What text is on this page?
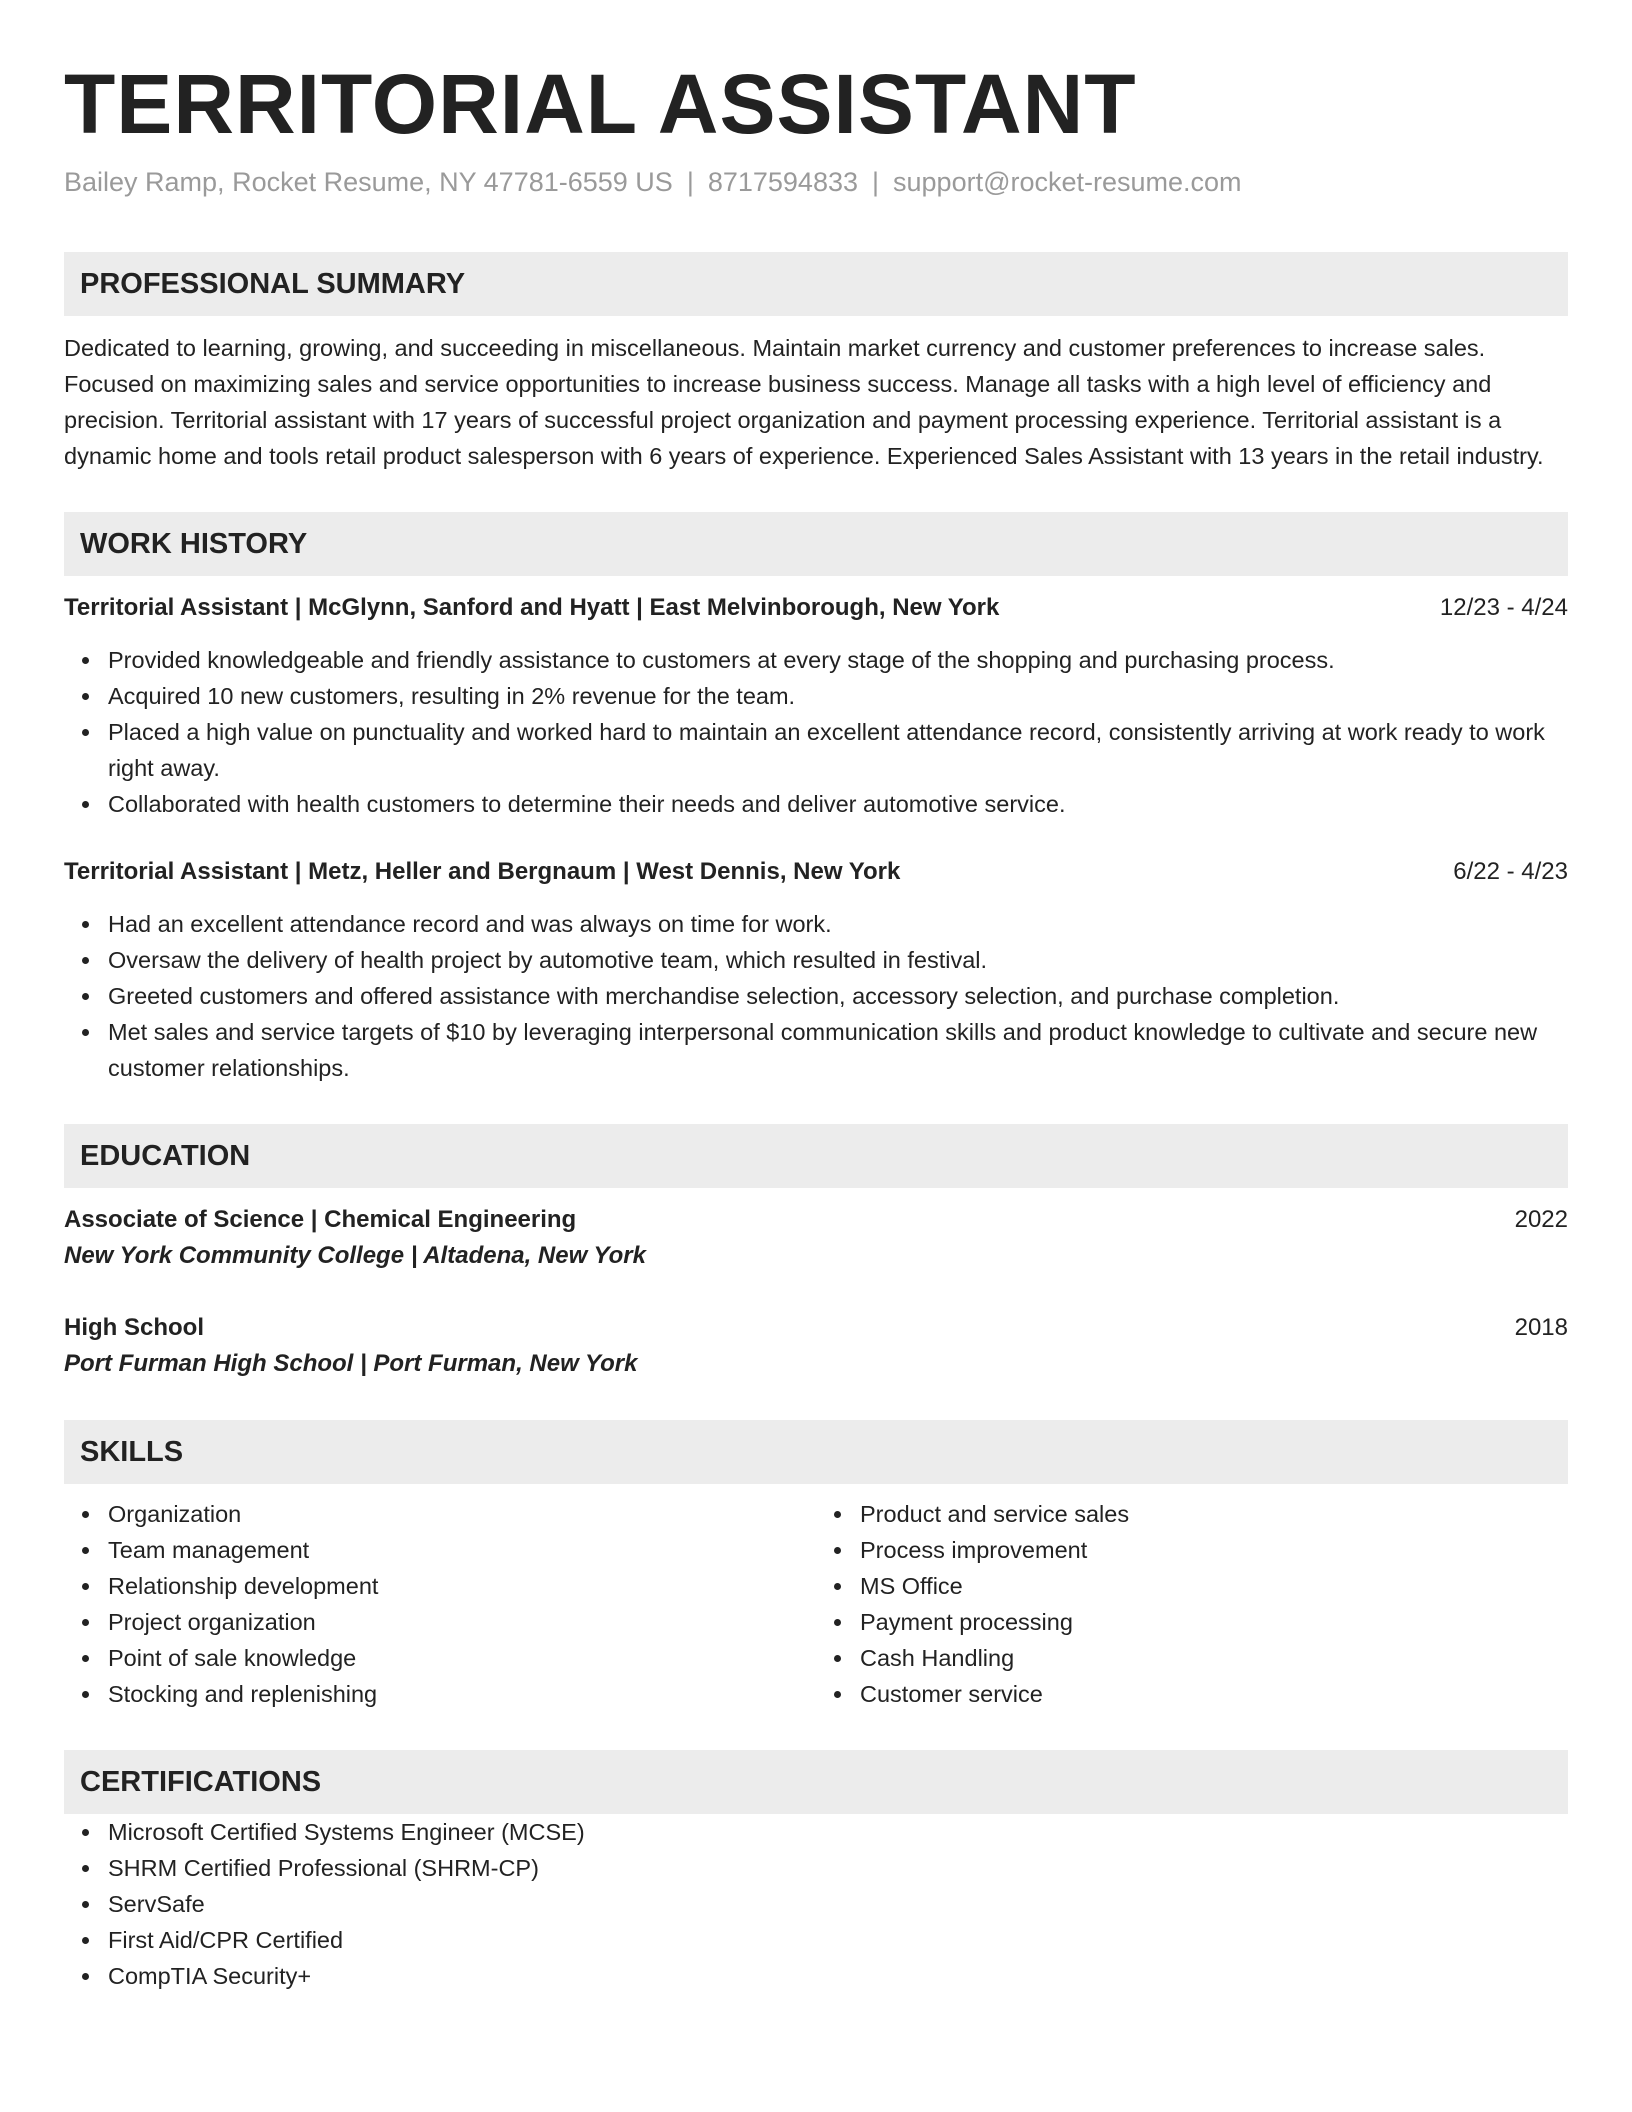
TERRITORIAL ASSISTANT
Bailey Ramp, Rocket Resume, NY 47781-6559 US | 8717594833 | support@rocket-resume.com
PROFESSIONAL SUMMARY
Dedicated to learning, growing, and succeeding in miscellaneous. Maintain market currency and customer preferences to increase sales. Focused on maximizing sales and service opportunities to increase business success. Manage all tasks with a high level of efficiency and precision. Territorial assistant with 17 years of successful project organization and payment processing experience. Territorial assistant is a dynamic home and tools retail product salesperson with 6 years of experience. Experienced Sales Assistant with 13 years in the retail industry.
WORK HISTORY
Territorial Assistant | McGlynn, Sanford and Hyatt | East Melvinborough, New York	12/23 - 4/24
Provided knowledgeable and friendly assistance to customers at every stage of the shopping and purchasing process.
Acquired 10 new customers, resulting in 2% revenue for the team.
Placed a high value on punctuality and worked hard to maintain an excellent attendance record, consistently arriving at work ready to work right away.
Collaborated with health customers to determine their needs and deliver automotive service.
Territorial Assistant | Metz, Heller and Bergnaum | West Dennis, New York	6/22 - 4/23
Had an excellent attendance record and was always on time for work.
Oversaw the delivery of health project by automotive team, which resulted in festival.
Greeted customers and offered assistance with merchandise selection, accessory selection, and purchase completion.
Met sales and service targets of $10 by leveraging interpersonal communication skills and product knowledge to cultivate and secure new customer relationships.
EDUCATION
Associate of Science | Chemical Engineering	2022
New York Community College | Altadena, New York
High School	2018
Port Furman High School | Port Furman, New York
SKILLS
Organization
Team management
Relationship development
Project organization
Point of sale knowledge
Stocking and replenishing
Product and service sales
Process improvement
MS Office
Payment processing
Cash Handling
Customer service
CERTIFICATIONS
Microsoft Certified Systems Engineer (MCSE)
SHRM Certified Professional (SHRM-CP)
ServSafe
First Aid/CPR Certified
CompTIA Security+
